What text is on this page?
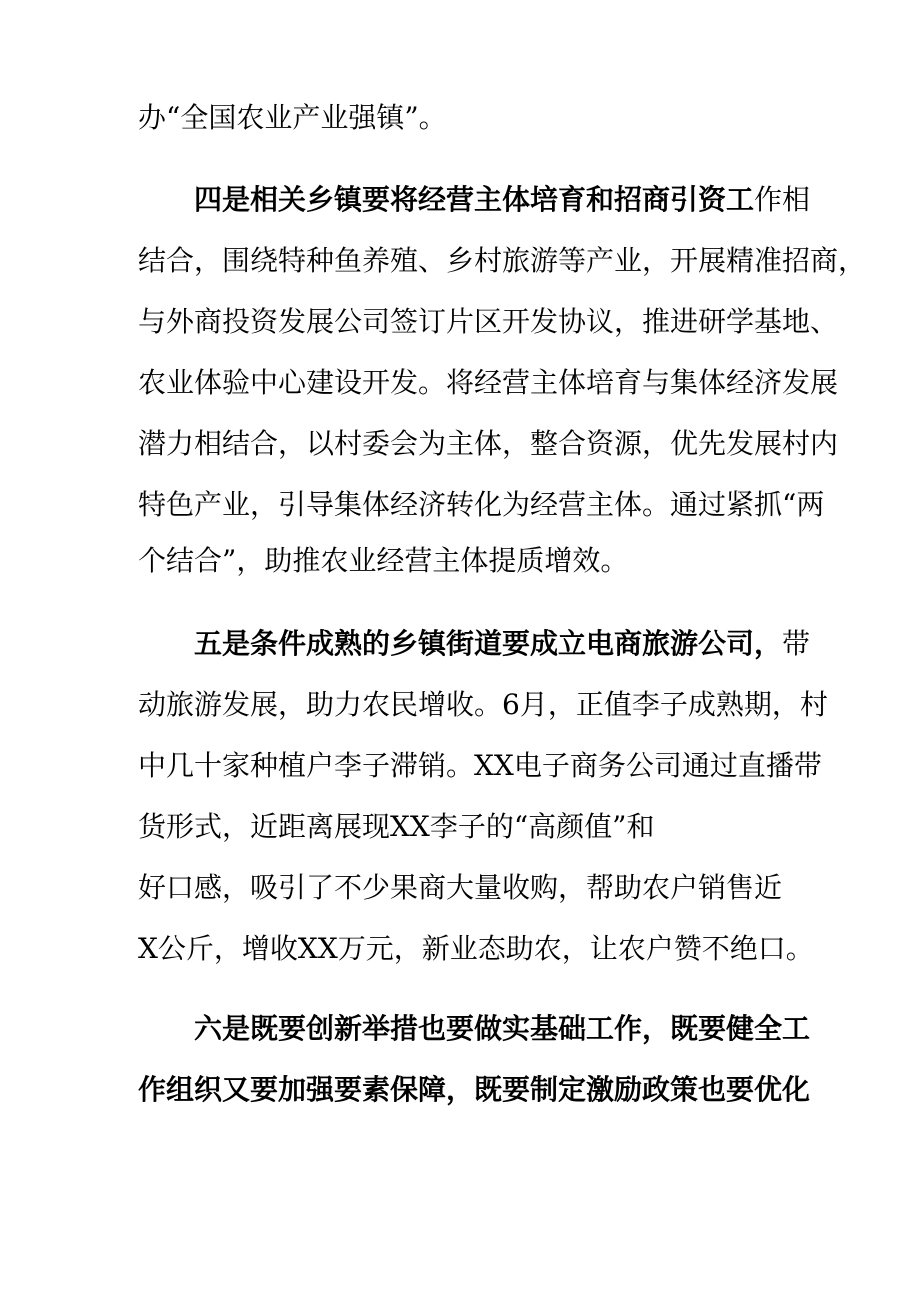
办“全国农业产业强镇”。
四是相关乡镇要将经营主体培育和招商引资工作相
结合，围绕特种鱼养殖、乡村旅游等产业，开展精准招商，
与外商投资发展公司签订片区开发协议，推进研学基地、
农业体验中心建设开发。将经营主体培育与集体经济发展
潜力相结合，以村委会为主体，整合资源，优先发展村内
特色产业，引导集体经济转化为经营主体。通过紧抓“两
个结合”，助推农业经营主体提质增效。
五是条件成熟的乡镇街道要成立电商旅游公司，带
动旅游发展，助力农民增收。6月，正值李子成熟期，村
中几十家种植户李子滞销。XX电子商务公司通过直播带
货形式，近距离展现XX李子的“高颜值”和
好口感，吸引了不少果商大量收购，帮助农户销售近
X公斤，增收XX万元，新业态助农，让农户赞不绝口。
六是既要创新举措也要做实基础工作，既要健全工
作组织又要加强要素保障，既要制定激励政策也要优化
